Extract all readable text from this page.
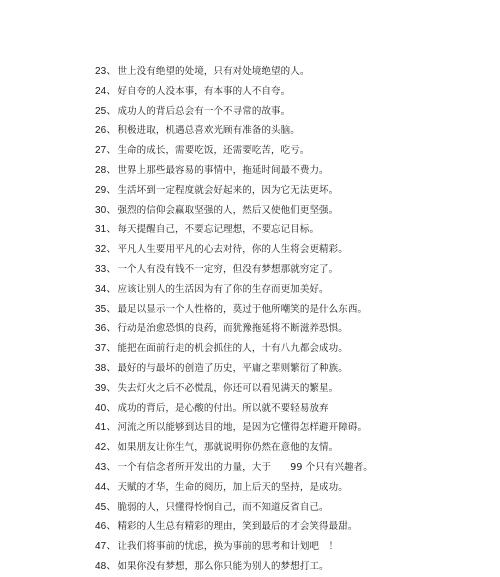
23、世上没有绝望的处境，只有对处境绝望的人。
24、好自夸的人没本事，有本事的人不自夸。
25、成功人的背后总会有一个不寻常的故事。
26、积极进取，机遇总喜欢光顾有准备的头脑。
27、生命的成长，需要吃饭，还需要吃苦，吃亏。
28、世界上那些最容易的事情中，拖延时间最不费力。
29、生活坏到一定程度就会好起来的，因为它无法更坏。
30、强烈的信仰会赢取坚强的人，然后又使他们更坚强。
31、每天提醒自己，不要忘记理想，不要忘记目标。
32、平凡人生要用平凡的心去对待，你的人生将会更精彩。
33、一个人有没有钱不一定穷，但没有梦想那就穷定了。
34、应该让别人的生活因为有了你的生存而更加美好。
35、最足以显示一个人性格的，莫过于他所嘲笑的是什么东西。
36、行动是治愈恐惧的良药，而犹豫拖延将不断滋养恐惧。
37、能把在面前行走的机会抓住的人，十有八九都会成功。
38、最好的与最坏的创造了历史，平庸之辈则繁衍了种族。
39、失去灯火之后不必慌乱，你还可以看见满天的繁星。
40、成功的背后，是心酸的付出。所以就不要轻易放弃
41、河流之所以能够到达目的地，是因为它懂得怎样避开障碍。
42、如果朋友让你生气，那就说明你仍然在意他的友情。
43、一个有信念者所开发出的力量，大于　　99 个只有兴趣者。
44、天赋的才华，生命的阅历，加上后天的坚持，是成功。
45、脆弱的人，只懂得怜悯自己，而不知道反省自己。
46、精彩的人生总有精彩的理由，笑到最后的才会笑得最甜。
47、让我们将事前的忧虑，换为事前的思考和计划吧　！
48、如果你没有梦想，那么你只能为别人的梦想打工。
